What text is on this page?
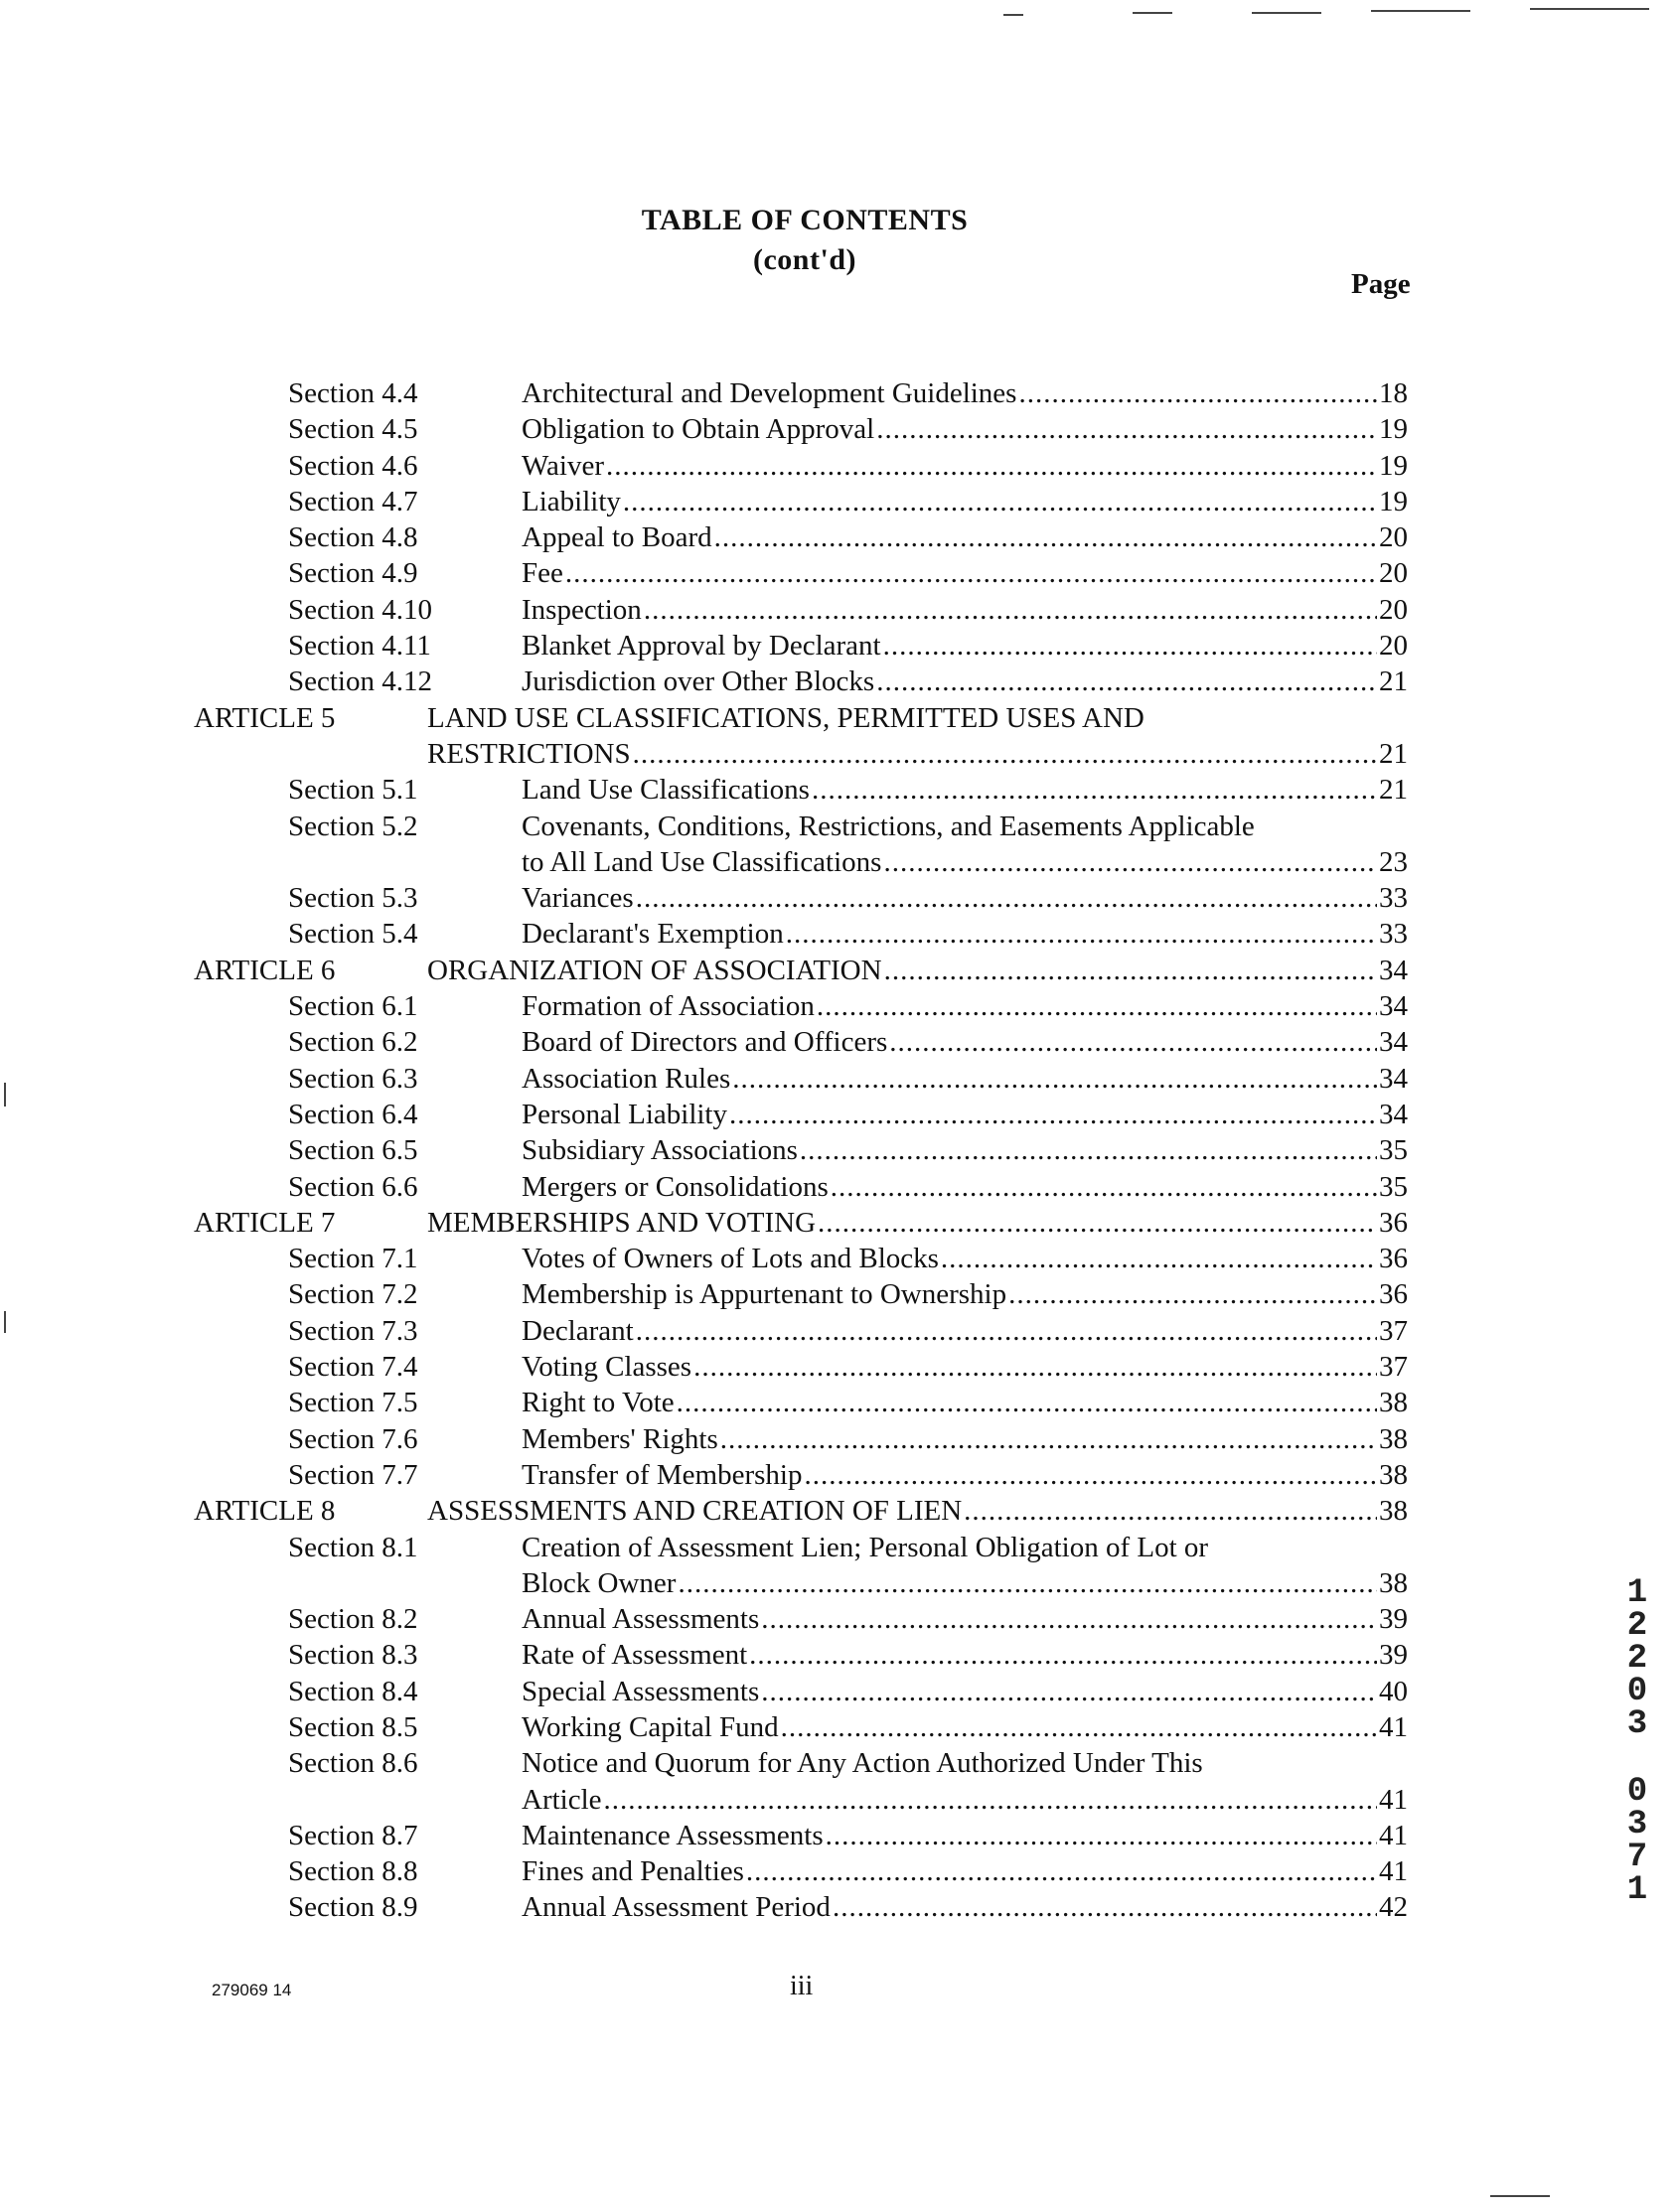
TABLE OF CONTENTS
(cont'd)
Page
Section 4.4	Architectural and Development Guidelines .....	18
Section 4.5	Obligation to Obtain Approval .....	19
Section 4.6	Waiver .....	19
Section 4.7	Liability .....	19
Section 4.8	Appeal to Board .....	20
Section 4.9	Fee .....	20
Section 4.10	Inspection .....	20
Section 4.11	Blanket Approval by Declarant .....	20
Section 4.12	Jurisdiction over Other Blocks .....	21
ARTICLE 5	LAND USE CLASSIFICATIONS, PERMITTED USES AND
RESTRICTIONS .....	21
Section 5.1	Land Use Classifications .....	21
Section 5.2	Covenants, Conditions, Restrictions, and Easements Applicable
to All Land Use Classifications .....	23
Section 5.3	Variances .....	33
Section 5.4	Declarant's Exemption .....	33
ARTICLE 6	ORGANIZATION OF ASSOCIATION .....	34
Section 6.1	Formation of Association .....	34
Section 6.2	Board of Directors and Officers .....	34
Section 6.3	Association Rules .....	34
Section 6.4	Personal Liability .....	34
Section 6.5	Subsidiary Associations .....	35
Section 6.6	Mergers or Consolidations .....	35
ARTICLE 7	MEMBERSHIPS AND VOTING .....	36
Section 7.1	Votes of Owners of Lots and Blocks .....	36
Section 7.2	Membership is Appurtenant to Ownership .....	36
Section 7.3	Declarant .....	37
Section 7.4	Voting Classes .....	37
Section 7.5	Right to Vote .....	38
Section 7.6	Members' Rights .....	38
Section 7.7	Transfer of Membership .....	38
ARTICLE 8	ASSESSMENTS AND CREATION OF LIEN .....	38
Section 8.1	Creation of Assessment Lien; Personal Obligation of Lot or
Block Owner .....	38
Section 8.2	Annual Assessments .....	39
Section 8.3	Rate of Assessment .....	39
Section 8.4	Special Assessments .....	40
Section 8.5	Working Capital Fund .....	41
Section 8.6	Notice and Quorum for Any Action Authorized Under This
Article .....	41
Section 8.7	Maintenance Assessments .....	41
Section 8.8	Fines and Penalties .....	41
Section 8.9	Annual Assessment Period .....	42
279069 14	iii
1
2
2
0
3
0
3
7
1
